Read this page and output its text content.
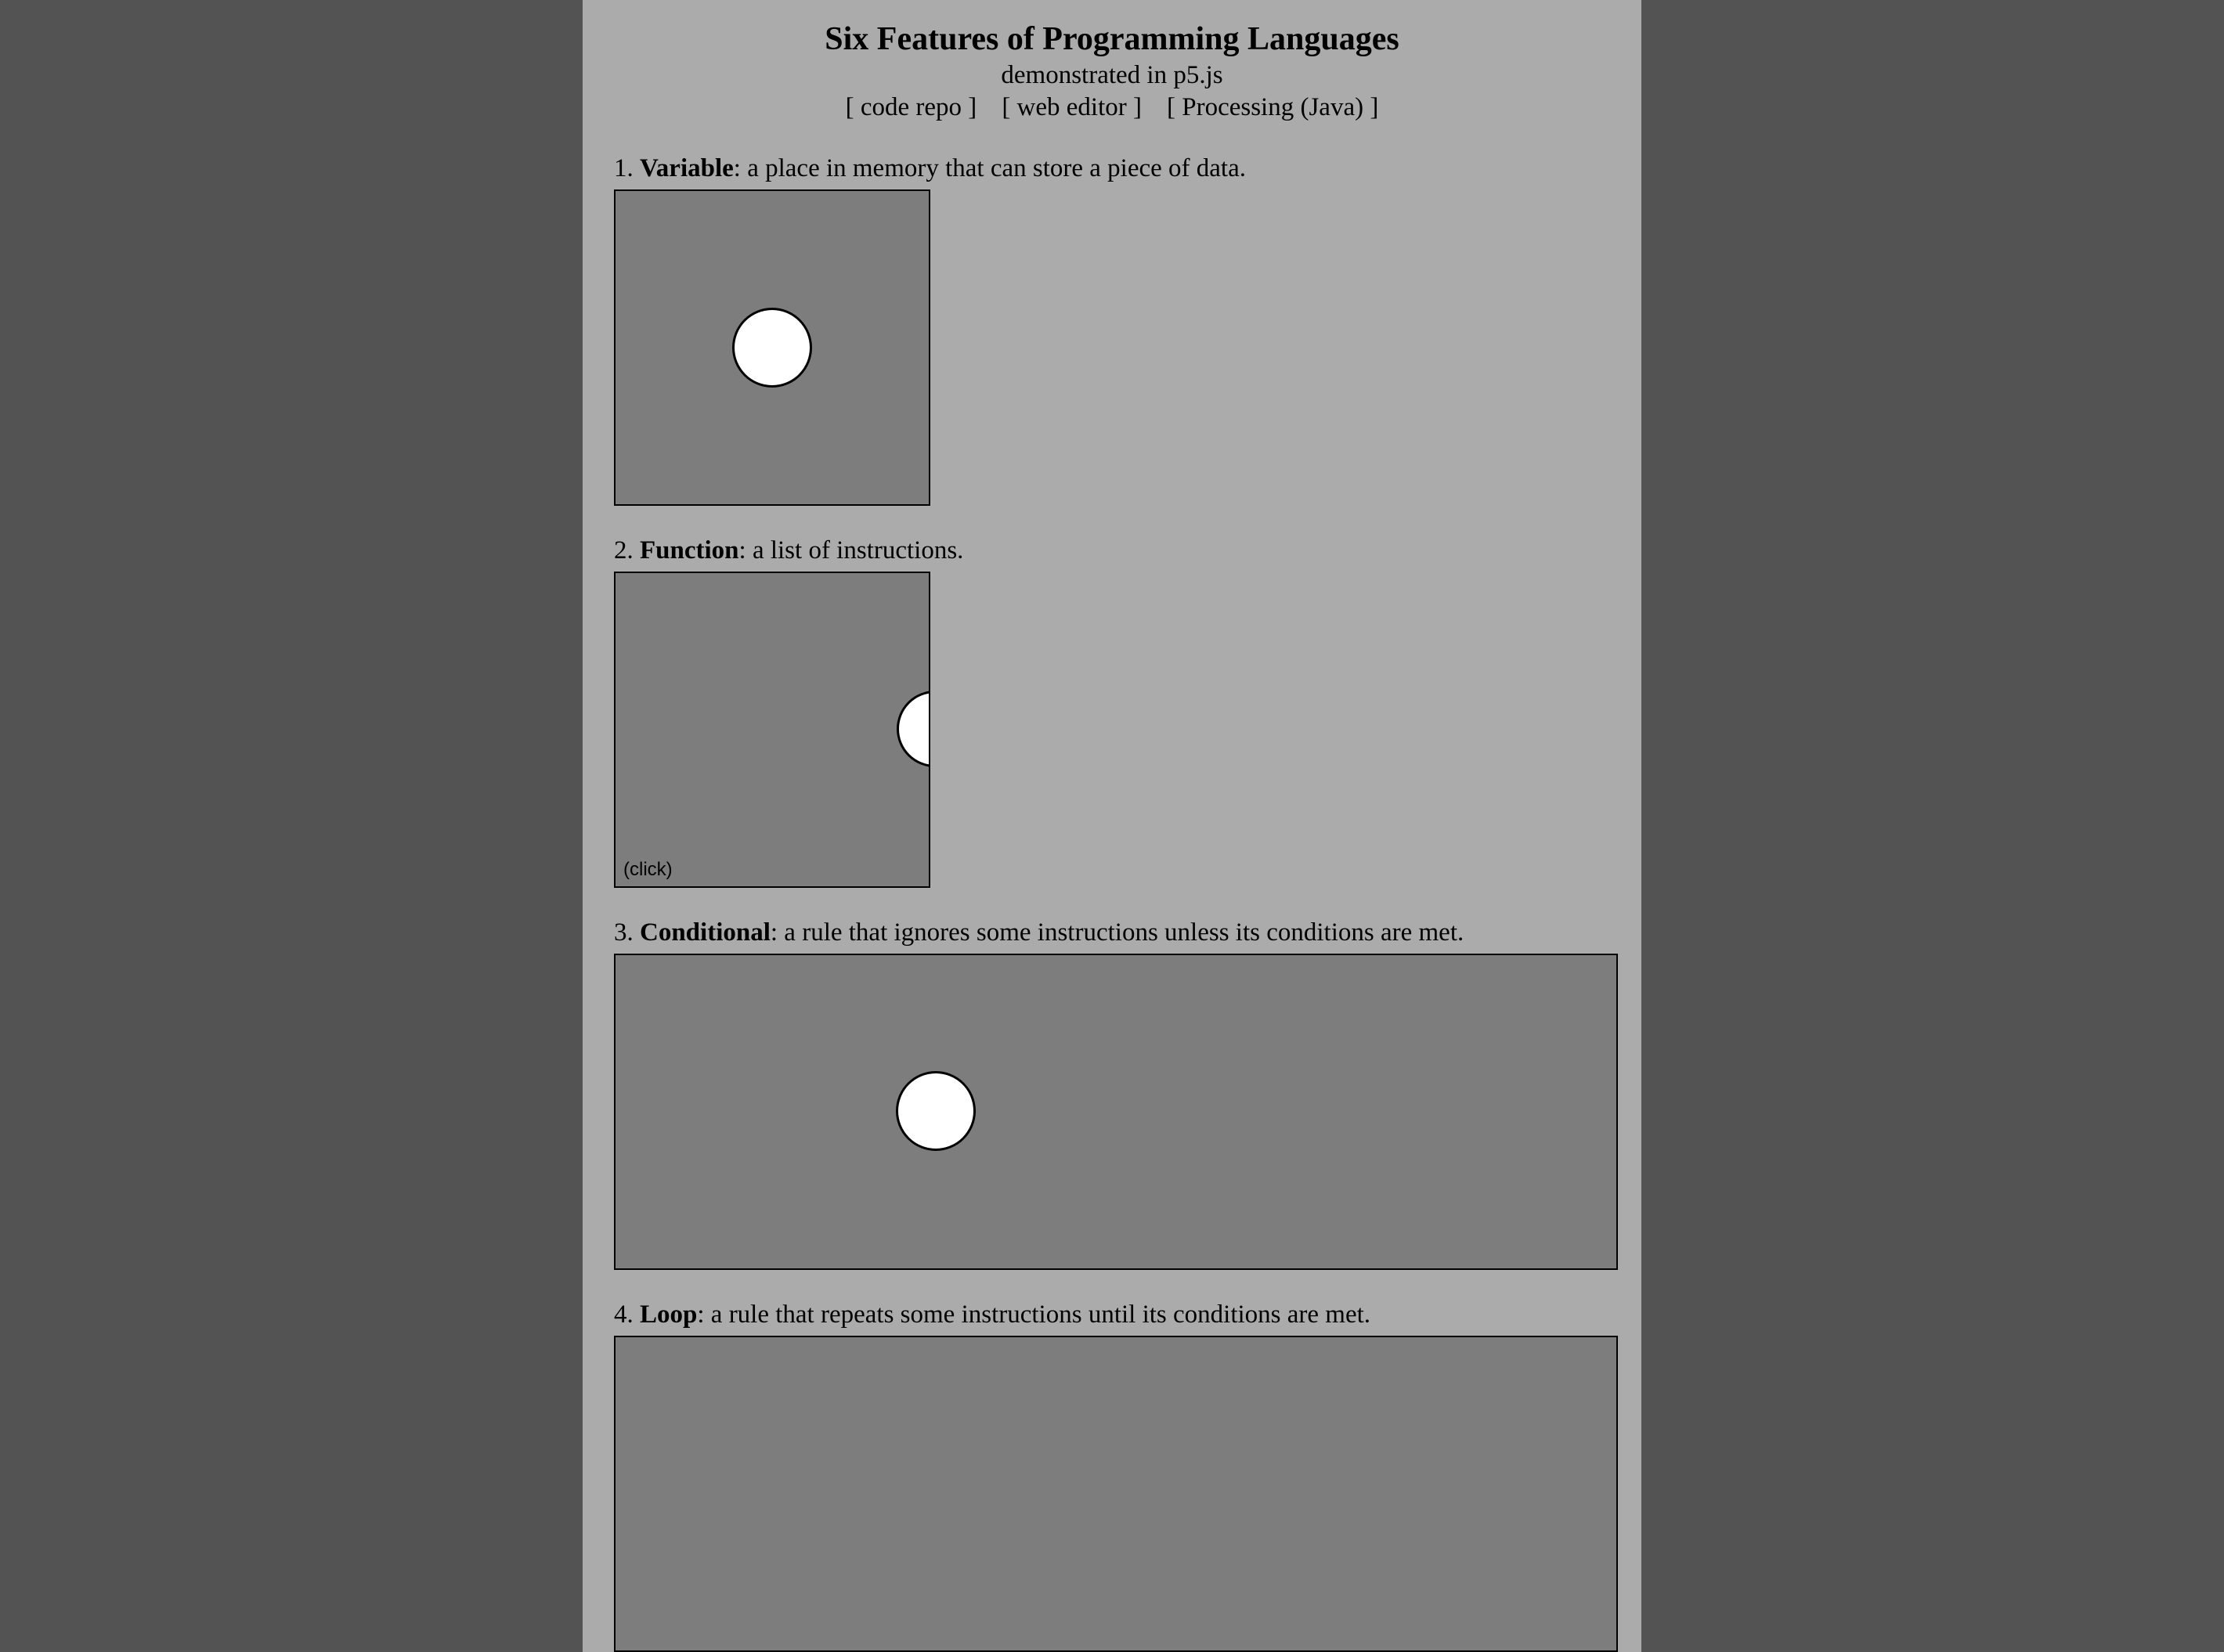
Six Features of Programming Languages
demonstrated in p5.js
[ code repo ] [ web editor ] [ Processing (Java) ]

1. Variable: a place in memory that can store a piece of data.

2. Function: a list of instructions.

(click)

3. Conditional: a rule that ignores some instructions unless its conditions are met.

4. Loop: a rule that repeats some instructions until its conditions are met.
